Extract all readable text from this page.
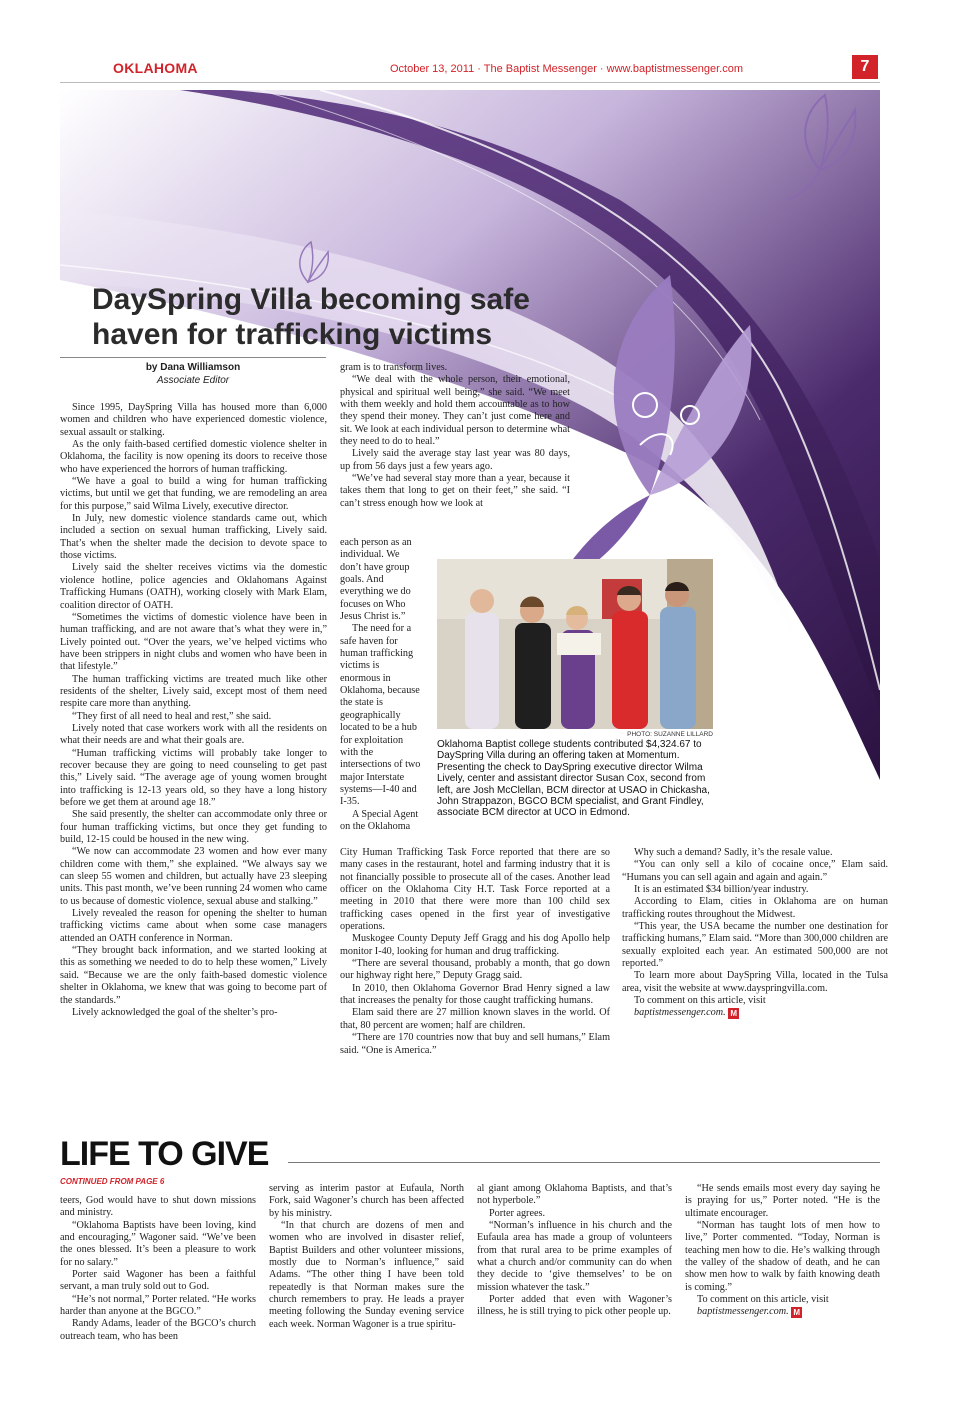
OKLAHOMA	October 13, 2011 · The Baptist Messenger · www.baptistmessenger.com	7
DaySpring Villa becoming safe
haven for trafficking victims
by Dana Williamson
Associate Editor

Since 1995, DaySpring Villa has housed more than 6,000 women and children who have experienced domestic violence, sexual assault or stalking.

As the only faith-based certified domestic violence shelter in Oklahoma, the facility is now opening its doors to receive those who have experienced the horrors of human trafficking.

“We have a goal to build a wing for human trafficking victims, but until we get that funding, we are remodeling an area for this purpose,” said Wilma Lively, executive director.

In July, new domestic violence standards came out, which included a section on sexual human trafficking, Lively said. That’s when the shelter made the decision to devote space to those victims.

Lively said the shelter receives victims via the domestic violence hotline, police agencies and Oklahomans Against Trafficking Humans (OATH), working closely with Mark Elam, coalition director of OATH.

“Sometimes the victims of domestic violence have been in human trafficking, and are not aware that’s what they were in,” Lively pointed out. “Over the years, we’ve helped victims who have been strippers in night clubs and women who have been in that lifestyle.”

The human trafficking victims are treated much like other residents of the shelter, Lively said, except most of them need respite care more than anything.

“They first of all need to heal and rest,” she said.

Lively noted that case workers work with all the residents on what their needs are and what their goals are.

“Human trafficking victims will probably take longer to recover because they are going to need counseling to get past this,” Lively said. “The average age of young women brought into trafficking is 12-13 years old, so they have a long history before we get them at around age 18.”

She said presently, the shelter can accommodate only three or four human trafficking victims, but once they get funding to build, 12-15 could be housed in the new wing.

“We now can accommodate 23 women and how ever many children come with them,” she explained. “We always say we can sleep 55 women and children, but actually have 23 sleeping units. This past month, we’ve been running 24 women who came to us because of domestic violence, sexual abuse and stalking.”

Lively revealed the reason for opening the shelter to human trafficking victims came about when some case managers attended an OATH conference in Norman.

“They brought back information, and we started looking at this as something we needed to do to help these women,” Lively said. “Because we are the only faith-based domestic violence shelter in Oklahoma, we knew that was going to become part of the standards.”

Lively acknowledged the goal of the shelter’s pro-

gram is to transform lives.

“We deal with the whole person, their emotional, physical and spiritual well being,” she said. “We meet with them weekly and hold them accountable as to how they spend their money. They can’t just come here and sit. We look at each individual person to determine what they need to do to heal.”

Lively said the average stay last year was 80 days, up from 56 days just a few years ago.

“We’ve had several stay more than a year, because it takes them that long to get on their feet,” she said. “I can’t stress enough how we look at

each person as an individual. We don’t have group goals. And everything we do focuses on Who Jesus Christ is.”

The need for a safe haven for human trafficking victims is enormous in Oklahoma, because the state is geographically located to be a hub for exploitation with the intersections of two major Interstate systems—I-40 and I-35.

A Special Agent on the Oklahoma

PHOTO: SUZANNE LILLARD
Oklahoma Baptist college students contributed $4,324.67 to DaySpring Villa during an offering taken at Momentum. Presenting the check to DaySpring executive director Wilma Lively, center and assistant director Susan Cox, second from left, are Josh McClellan, BCM director at USAO in Chickasha, John Strappazon, BGCO BCM specialist, and Grant Findley, associate BCM director at UCO in Edmond.

City Human Trafficking Task Force reported that there are so many cases in the restaurant, hotel and farming industry that it is not financially possible to prosecute all of the cases. Another lead officer on the Oklahoma City H.T. Task Force reported at a meeting in 2010 that there were more than 100 child sex trafficking cases opened in the first year of investigative operations.

Muskogee County Deputy Jeff Gragg and his dog Apollo help monitor I-40, looking for human and drug trafficking.

“There are several thousand, probably a month, that go down our highway right here,” Deputy Gragg said.

In 2010, then Oklahoma Governor Brad Henry signed a law that increases the penalty for those caught trafficking humans.

Elam said there are 27 million known slaves in the world. Of that, 80 percent are women; half are children.

“There are 170 countries now that buy and sell humans,” Elam said. “One is America.”

Why such a demand? Sadly, it’s the resale value.

“You can only sell a kilo of cocaine once,” Elam said. “Humans you can sell again and again and again.”

It is an estimated $34 billion/year industry.

According to Elam, cities in Oklahoma are on human trafficking routes throughout the Midwest.

“This year, the USA became the number one destination for trafficking humans,” Elam said. “More than 300,000 children are sexually exploited each year. An estimated 500,000 are not reported.”

To learn more about DaySpring Villa, located in the Tulsa area, visit the website at www.dayspringvilla.com.

To comment on this article, visit

baptistmessenger.com. M

LIFE TO GIVE
CONTINUED FROM PAGE 6

teers, God would have to shut down missions and ministry.

“Oklahoma Baptists have been loving, kind and encouraging,” Wagoner said. “We’ve been the ones blessed. It’s been a pleasure to work for no salary.”

Porter said Wagoner has been a faithful servant, a man truly sold out to God.

“He’s not normal,” Porter related. “He works harder than anyone at the BGCO.”

Randy Adams, leader of the BGCO’s church outreach team, who has been

serving as interim pastor at Eufaula, North Fork, said Wagoner’s church has been affected by his ministry.

“In that church are dozens of men and women who are involved in disaster relief, Baptist Builders and other volunteer missions, mostly due to Norman’s influence,” said Adams. “The other thing I have been told repeatedly is that Norman makes sure the church remembers to pray. He leads a prayer meeting following the Sunday evening service each week. Norman Wagoner is a true spiritu-

al giant among Oklahoma Baptists, and that’s not hyperbole.”

Porter agrees.

“Norman’s influence in his church and the Eufaula area has made a group of volunteers from that rural area to be prime examples of what a church and/or community can do when they decide to ‘give themselves’ to be on mission whatever the task.”

Porter added that even with Wagoner’s illness, he is still trying to pick other people up.

“He sends emails most every day saying he is praying for us,” Porter noted. “He is the ultimate encourager.

“Norman has taught lots of men how to live,” Porter commented. “Today, Norman is teaching men how to die. He’s walking through the valley of the shadow of death, and he can show men how to walk by faith knowing death is coming.”

To comment on this article, visit

baptistmessenger.com. M
